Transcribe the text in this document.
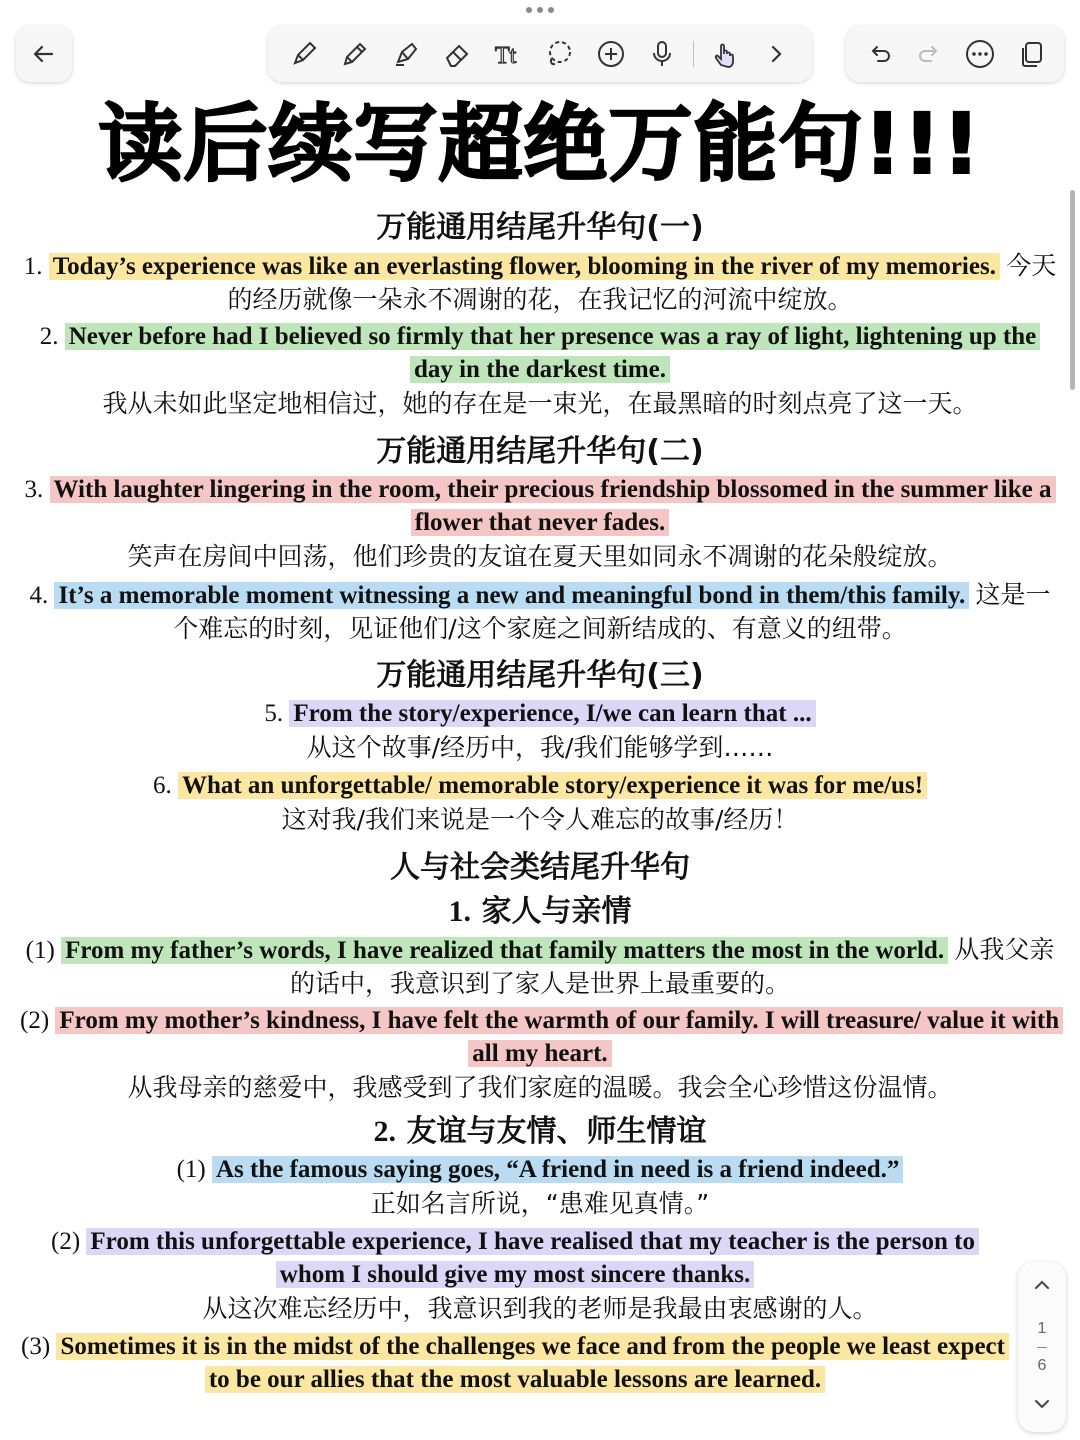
Tt
读后续写超绝万能句!!!
万能通用结尾升华句(一)

1. Today’s experience was like an everlasting flower, blooming in the river of my memories. 今天的经历就像一朵永不凋谢的花，在我记忆的河流中绽放。

2. Never before had I believed so firmly that her presence was a ray of light, lightening up the day in the darkest time.

我从未如此坚定地相信过，她的存在是一束光，在最黑暗的时刻点亮了这一天。

万能通用结尾升华句(二)

3. With laughter lingering in the room, their precious friendship blossomed in the summer like a flower that never fades.

笑声在房间中回荡，他们珍贵的友谊在夏天里如同永不凋谢的花朵般绽放。

4. It’s a memorable moment witnessing a new and meaningful bond in them/this family. 这是一个难忘的时刻，见证他们/这个家庭之间新结成的、有意义的纽带。

万能通用结尾升华句(三)

5. From the story/experience, I/we can learn that ...

从这个故事/经历中，我/我们能够学到……

6. What an unforgettable/ memorable story/experience it was for me/us!

这对我/我们来说是一个令人难忘的故事/经历！

人与社会类结尾升华句
1. 家人与亲情

(1) From my father’s words, I have realized that family matters the most in the world. 从我父亲的话中，我意识到了家人是世界上最重要的。

(2) From my mother’s kindness, I have felt the warmth of our family. I will treasure/ value it with all my heart.

从我母亲的慈爱中，我感受到了我们家庭的温暖。我会全心珍惜这份温情。

2. 友谊与友情、师生情谊

(1) As the famous saying goes, “A friend in need is a friend indeed.”

正如名言所说，“患难见真情。”

(2) From this unforgettable experience, I have realised that my teacher is the person to whom I should give my most sincere thanks.

从这次难忘经历中，我意识到我的老师是我最由衷感谢的人。

(3) Sometimes it is in the midst of the challenges we face and from the people we least expect to be our allies that the most valuable lessons are learned.

1
6
